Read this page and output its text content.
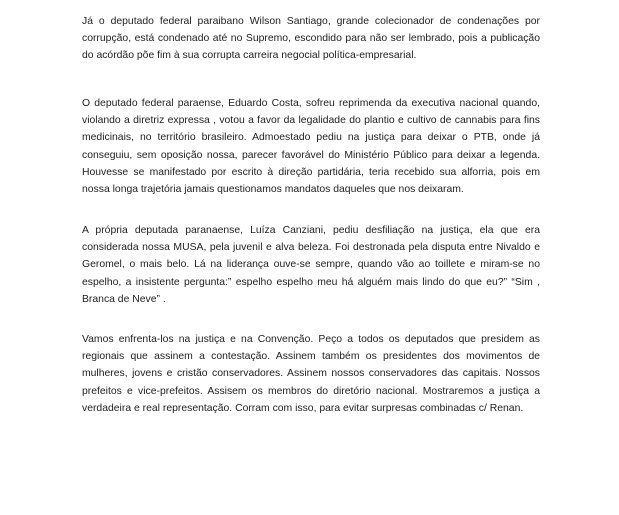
Já o deputado federal paraibano Wilson Santiago, grande colecionador de condenações por corrupção, está condenado até no Supremo, escondido para não ser lembrado, pois a publicação do acórdão põe fim à sua corrupta carreira negocial política-empresarial.

O deputado federal paraense, Eduardo Costa, sofreu reprimenda da executiva nacional quando, violando a diretriz expressa , votou a favor da legalidade do plantio e cultivo de cannabis para fins medicinais, no território brasileiro. Admoestado pediu na justiça para deixar o PTB, onde já conseguiu, sem oposição nossa, parecer favorável do Ministério Público para deixar a legenda. Houvesse se manifestado por escrito à direção partidária, teria recebido sua alforria, pois em nossa longa trajetória jamais questionamos mandatos daqueles que nos deixaram.

A própria deputada paranaense, Luíza Canziani, pediu desfiliação na justiça, ela que era considerada nossa MUSA, pela juvenil e alva beleza. Foi destronada pela disputa entre Nivaldo e Geromel, o mais belo. Lá na liderança ouve-se sempre, quando vão ao toillete e miram-se no espelho, a insistente pergunta:” espelho espelho meu há alguém mais lindo do que eu?” “Sim , Branca de Neve” .

Vamos enfrenta-los na justiça e na Convenção. Peço a todos os deputados que presidem as regionais que assinem a contestação. Assinem também os presidentes dos movimentos de mulheres, jovens e cristão conservadores. Assinem nossos conservadores das capitais. Nossos prefeitos e vice-prefeitos. Assisem os membros do diretório nacional. Mostraremos a justiça a verdadeira e real representação. Corram com isso, para evitar surpresas combinadas c/ Renan.
